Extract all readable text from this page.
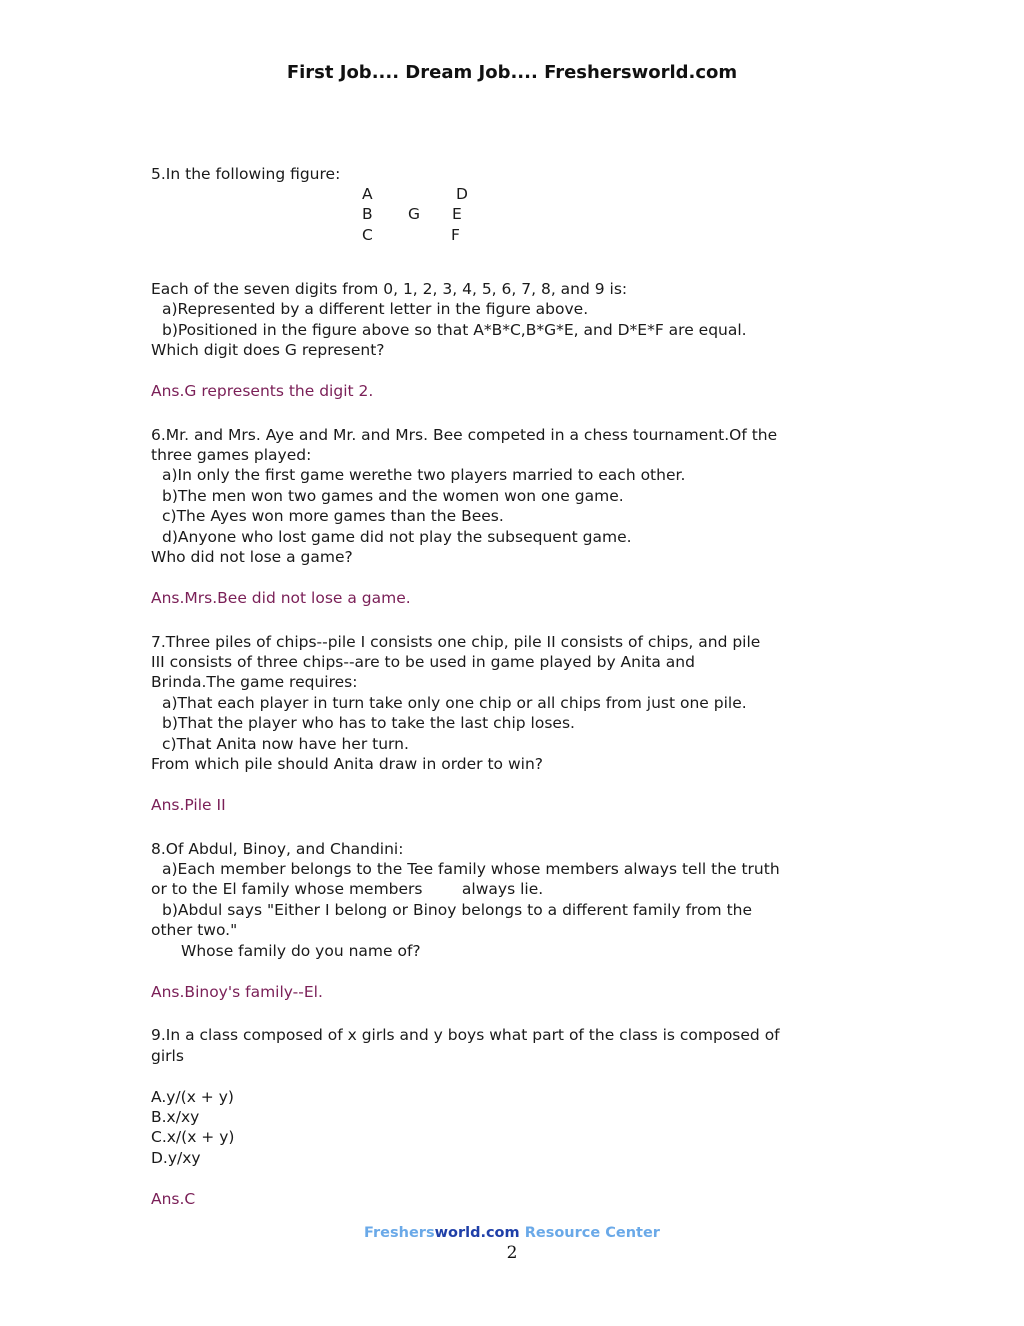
First Job.... Dream Job.... Freshersworld.com
5.In the following figure:
A	D
B G E
C	F
Each of the seven digits from 0, 1, 2, 3, 4, 5, 6, 7, 8, and 9 is:
a)Represented by a different letter in the figure above.
b)Positioned in the figure above so that A*B*C,B*G*E, and D*E*F are equal.
Which digit does G represent?
Ans.G represents the digit 2.
6.Mr. and Mrs. Aye and Mr. and Mrs. Bee competed in a chess tournament.Of the
three games played:
a)In only the first game werethe two players married to each other.
b)The men won two games and the women won one game.
c)The Ayes won more games than the Bees.
d)Anyone who lost game did not play the subsequent game.
Who did not lose a game?
Ans.Mrs.Bee did not lose a game.
7.Three piles of chips--pile I consists one chip, pile II consists of chips, and pile
III consists of three chips--are to be used in game played by Anita and
Brinda.The game requires:
a)That each player in turn take only one chip or all chips from just one pile.
b)That the player who has to take the last chip loses.
c)That Anita now have her turn.
From which pile should Anita draw in order to win?
Ans.Pile II
8.Of Abdul, Binoy, and Chandini:
a)Each member belongs to the Tee family whose members always tell the truth
or to the El family whose members        always lie.
b)Abdul says "Either I belong or Binoy belongs to a different family from the
other two."
Whose family do you name of?
Ans.Binoy's family--El.
9.In a class composed of x girls and y boys what part of the class is composed of
girls
A.y/(x + y)
B.x/xy
C.x/(x + y)
D.y/xy
Ans.C
Freshersworld.com Resource Center
2
